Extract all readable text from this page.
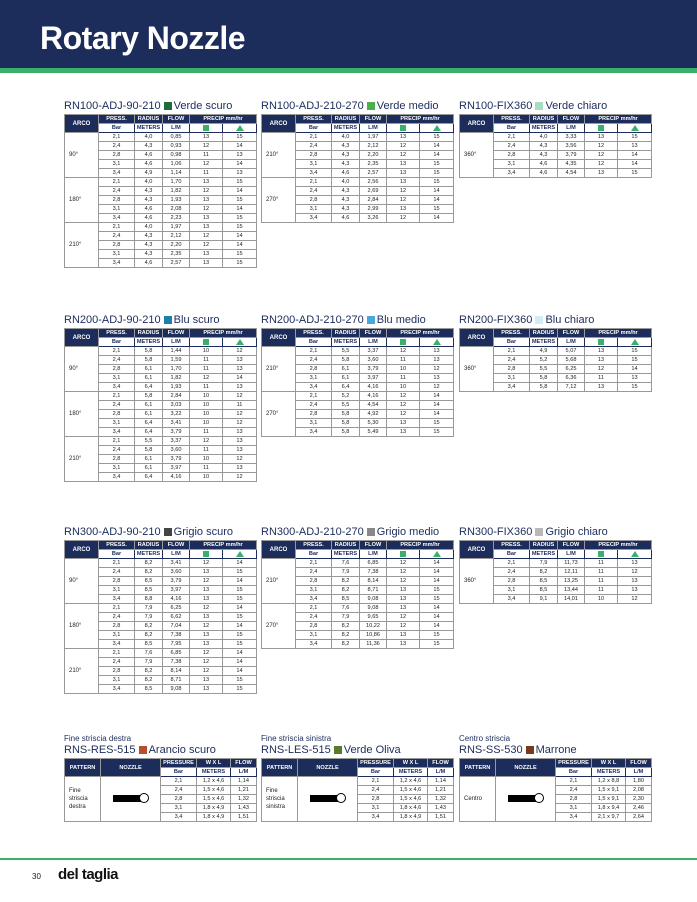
Rotary Nozzle
RN100-ADJ-90-210 Verde scuro
ARCO	PRESS.	RADIUS	FLOW	PRECIP mm/hr	
	Bar	METERS	L/M		
90°	2,1	4,0	0,85	13	15
	2,4	4,3	0,93	12	14
	2,8	4,6	0,98	11	13
	3,1	4,6	1,06	12	14
	3,4	4,9	1,14	11	13
180°	2,1	4,0	1,70	13	15
	2,4	4,3	1,82	12	14
	2,8	4,3	1,93	13	15
	3,1	4,6	2,08	12	14
	3,4	4,6	2,23	13	15
210°	2,1	4,0	1,97	13	15
	2,4	4,3	2,12	12	14
	2,8	4,3	2,20	12	14
	3,1	4,3	2,35	13	15
	3,4	4,6	2,57	13	15
RN100-ADJ-210-270 Verde medio
ARCO	PRESS.	RADIUS	FLOW	PRECIP mm/hr	
	Bar	METERS	L/M		
210°	2,1	4,0	1,97	13	15
	2,4	4,3	2,12	12	14
	2,8	4,3	2,20	12	14
	3,1	4,3	2,35	13	15
	3,4	4,6	2,57	13	15
270°	2,1	4,0	2,56	13	15
	2,4	4,3	2,69	12	14
	2,8	4,3	2,84	12	14
	3,1	4,3	2,99	13	15
	3,4	4,6	3,26	12	14
RN100-FIX360 Verde chiaro
ARCO	PRESS.	RADIUS	FLOW	PRECIP mm/hr	
	Bar	METERS	L/M		
360°	2,1	4,0	3,33	13	15
	2,4	4,3	3,56	12	13
	2,8	4,3	3,79	12	14
	3,1	4,6	4,35	12	14
	3,4	4,6	4,54	13	15
RN200-ADJ-90-210 Blu scuro
ARCO	PRESS.	RADIUS	FLOW	PRECIP mm/hr	
	Bar	METERS	L/M		
90°	2,1	5,8	1,44	10	12
	2,4	5,8	1,59	11	13
	2,8	6,1	1,70	11	13
	3,1	6,1	1,82	12	14
	3,4	6,4	1,93	11	13
180°	2,1	5,8	2,84	10	12
	2,4	6,1	3,03	10	11
	2,8	6,1	3,22	10	12
	3,1	6,4	3,41	10	12
	3,4	6,4	3,79	11	13
210°	2,1	5,5	3,37	12	13
	2,4	5,8	3,60	11	13
	2,8	6,1	3,79	10	12
	3,1	6,1	3,97	11	13
	3,4	6,4	4,16	10	12
RN200-ADJ-210-270 Blu medio
ARCO	PRESS.	RADIUS	FLOW	PRECIP mm/hr	
	Bar	METERS	L/M		
210°	2,1	5,5	3,37	12	13
	2,4	5,8	3,60	11	13
	2,8	6,1	3,79	10	12
	3,1	6,1	3,97	11	13
	3,4	6,4	4,16	10	12
270°	2,1	5,2	4,16	12	14
	2,4	5,5	4,54	12	14
	2,8	5,8	4,92	12	14
	3,1	5,8	5,30	13	15
	3,4	5,8	5,49	13	15
RN200-FIX360 Blu chiaro
ARCO	PRESS.	RADIUS	FLOW	PRECIP mm/hr	
	Bar	METERS	L/M		
360°	2,1	4,9	5,07	13	15
	2,4	5,2	5,68	13	15
	2,8	5,5	6,25	12	14
	3,1	5,8	6,36	11	13
	3,4	5,8	7,12	13	15
RN300-ADJ-90-210 Grigio scuro
ARCO	PRESS.	RADIUS	FLOW	PRECIP mm/hr	
	Bar	METERS	L/M		
90°	2,1	8,2	3,41	12	14
	2,4	8,2	3,60	13	15
	2,8	8,5	3,79	12	14
	3,1	8,5	3,97	13	15
	3,4	8,8	4,16	13	15
180°	2,1	7,9	6,25	12	14
	2,4	7,9	6,62	13	15
	2,8	8,2	7,04	12	14
	3,1	8,2	7,38	13	15
	3,4	8,5	7,95	13	15
210°	2,1	7,6	6,85	12	14
	2,4	7,9	7,38	12	14
	2,8	8,2	8,14	12	14
	3,1	8,2	8,71	13	15
	3,4	8,5	9,08	13	15
RN300-ADJ-210-270 Grigio medio
ARCO	PRESS.	RADIUS	FLOW	PRECIP mm/hr	
	Bar	METERS	L/M		
210°	2,1	7,6	6,85	12	14
	2,4	7,9	7,38	12	14
	2,8	8,2	8,14	12	14
	3,1	8,2	8,71	13	15
	3,4	8,5	9,08	13	15
270°	2,1	7,6	9,08	13	14
	2,4	7,9	9,65	12	14
	2,8	8,2	10,22	12	14
	3,1	8,2	10,86	13	15
	3,4	8,2	11,36	13	15
RN300-FIX360 Grigio chiaro
ARCO	PRESS.	RADIUS	FLOW	PRECIP mm/hr	
	Bar	METERS	L/M		
360°	2,1	7,9	11,73	11	13
	2,4	8,2	12,11	11	12
	2,8	8,5	13,25	11	13
	3,1	8,5	13,44	11	13
	3,4	9,1	14,01	10	12
Fine striscia destra
RNS-RES-515 Arancio scuro
PATTERN	NOZZLE	PRESSURE	W X L	FLOW
		Bar	METERS	L/M
Fine striscia destra		2,1	1,2 x 4,6	1,14
		2,4	1,5 x 4,6	1,21
		2,8	1,5 x 4,6	1,32
		3,1	1,8 x 4,9	1,43
		3,4	1,8 x 4,9	1,51
Fine striscia sinistra
RNS-LES-515 Verde Oliva
PATTERN	NOZZLE	PRESSURE	W X L	FLOW
		Bar	METERS	L/M
Fine striscia sinistra		2,1	1,2 x 4,6	1,14
		2,4	1,5 x 4,6	1,21
		2,8	1,5 x 4,6	1,32
		3,1	1,8 x 4,6	1,43
		3,4	1,8 x 4,9	1,51
Centro striscia
RNS-SS-530 Marrone
PATTERN	NOZZLE	PRESSURE	W X L	FLOW
		Bar	METERS	L/M
Centro		2,1	1,2 x 8,8	1,80
		2,4	1,5 x 9,1	2,08
		2,8	1,5 x 9,1	2,30
		3,1	1,8 x 9,4	2,46
		3,4	2,1 x 9,7	2,64
30 del taglia
